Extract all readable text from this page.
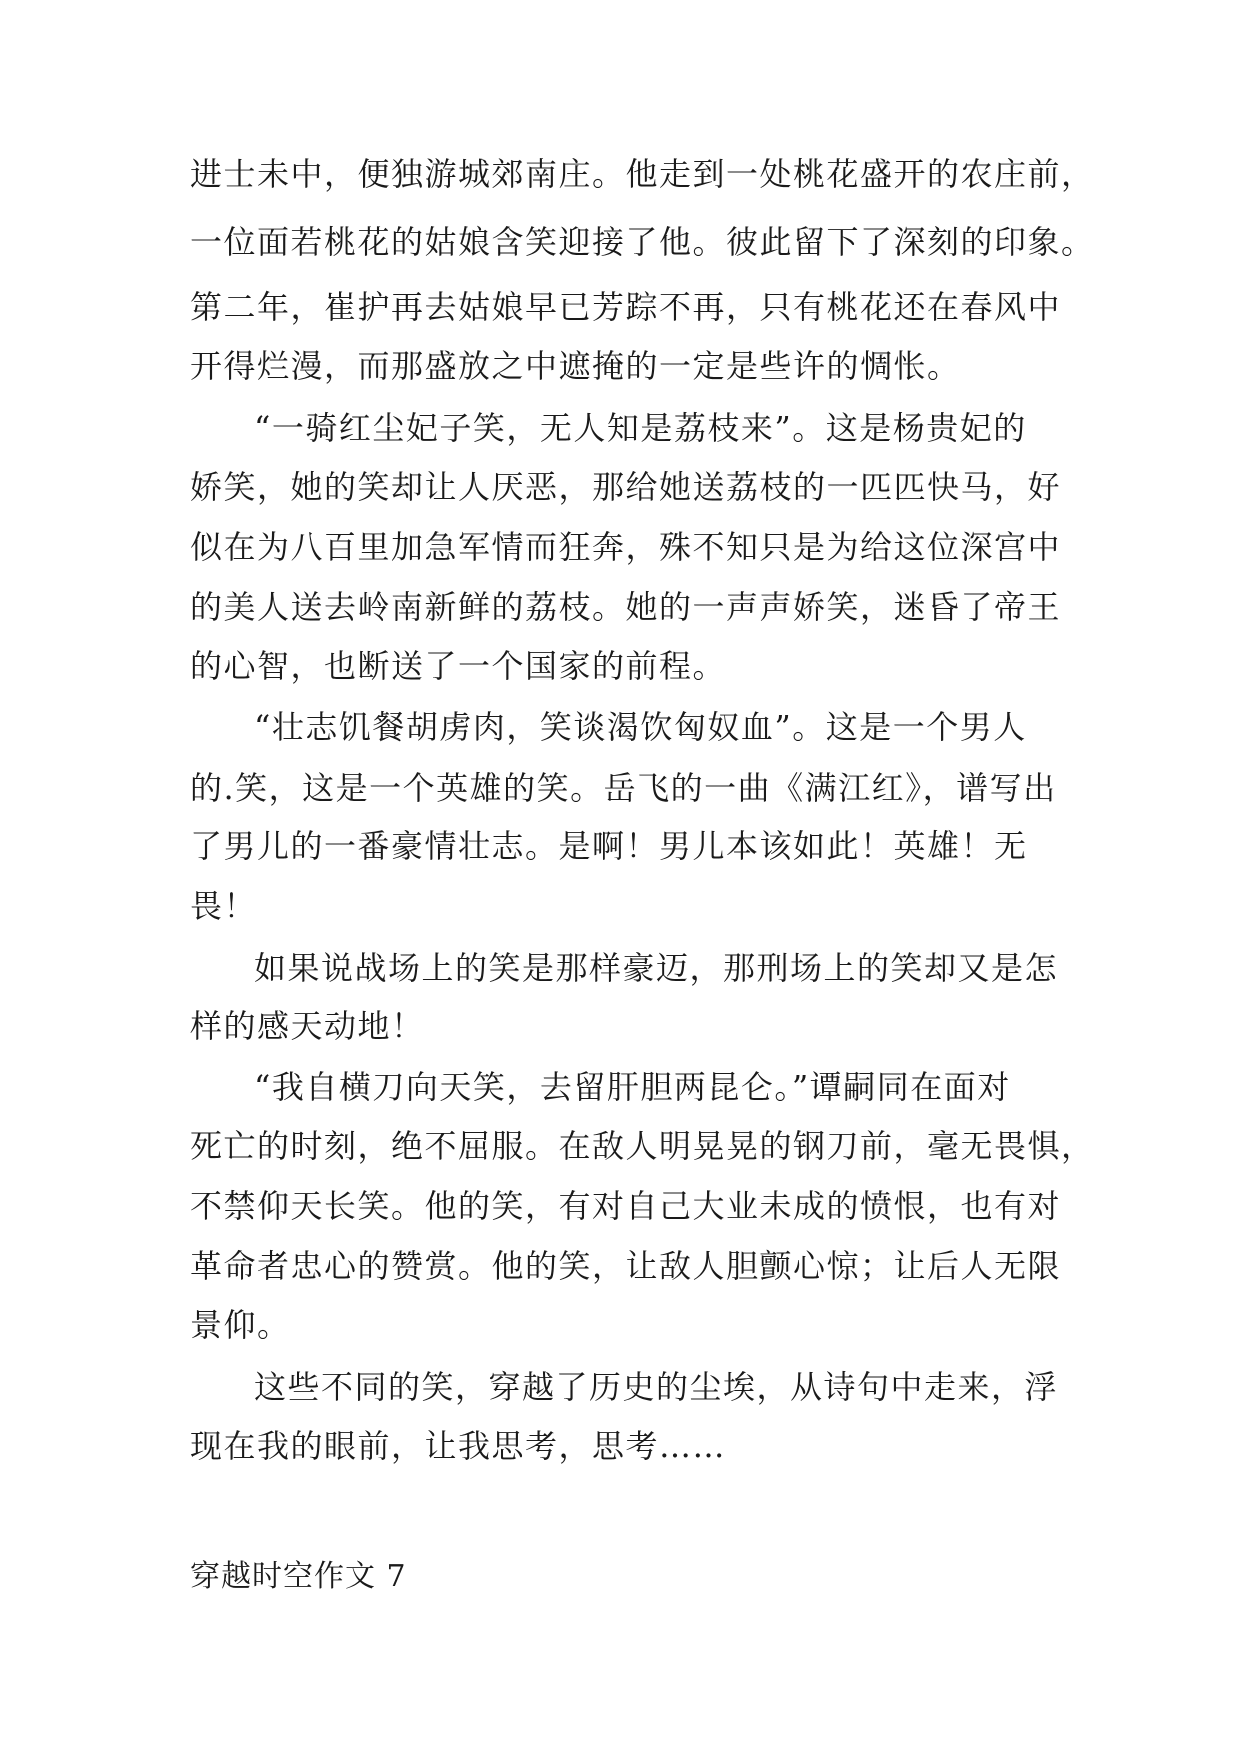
进士未中，便独游城郊南庄。他走到一处桃花盛开的农庄前，
一位面若桃花的姑娘含笑迎接了他。彼此留下了深刻的印象。
第二年，崔护再去姑娘早已芳踪不再，只有桃花还在春风中
开得烂漫，而那盛放之中遮掩的一定是些许的惆怅。
“一骑红尘妃子笑，无人知是荔枝来”。这是杨贵妃的
娇笑，她的笑却让人厌恶，那给她送荔枝的一匹匹快马，好
似在为八百里加急军情而狂奔，殊不知只是为给这位深宫中
的美人送去岭南新鲜的荔枝。她的一声声娇笑，迷昏了帝王
的心智，也断送了一个国家的前程。
“壮志饥餐胡虏肉，笑谈渴饮匈奴血”。这是一个男人
的.笑，这是一个英雄的笑。岳飞的一曲《满江红》，谱写出
了男儿的一番豪情壮志。是啊！男儿本该如此！英雄！无
畏！
如果说战场上的笑是那样豪迈，那刑场上的笑却又是怎
样的感天动地！
“我自横刀向天笑，去留肝胆两昆仑。”谭嗣同在面对
死亡的时刻，绝不屈服。在敌人明晃晃的钢刀前，毫无畏惧，
不禁仰天长笑。他的笑，有对自己大业未成的愤恨，也有对
革命者忠心的赞赏。他的笑，让敌人胆颤心惊；让后人无限
景仰。
这些不同的笑，穿越了历史的尘埃，从诗句中走来，浮
现在我的眼前，让我思考，思考……
穿越时空作文 7
